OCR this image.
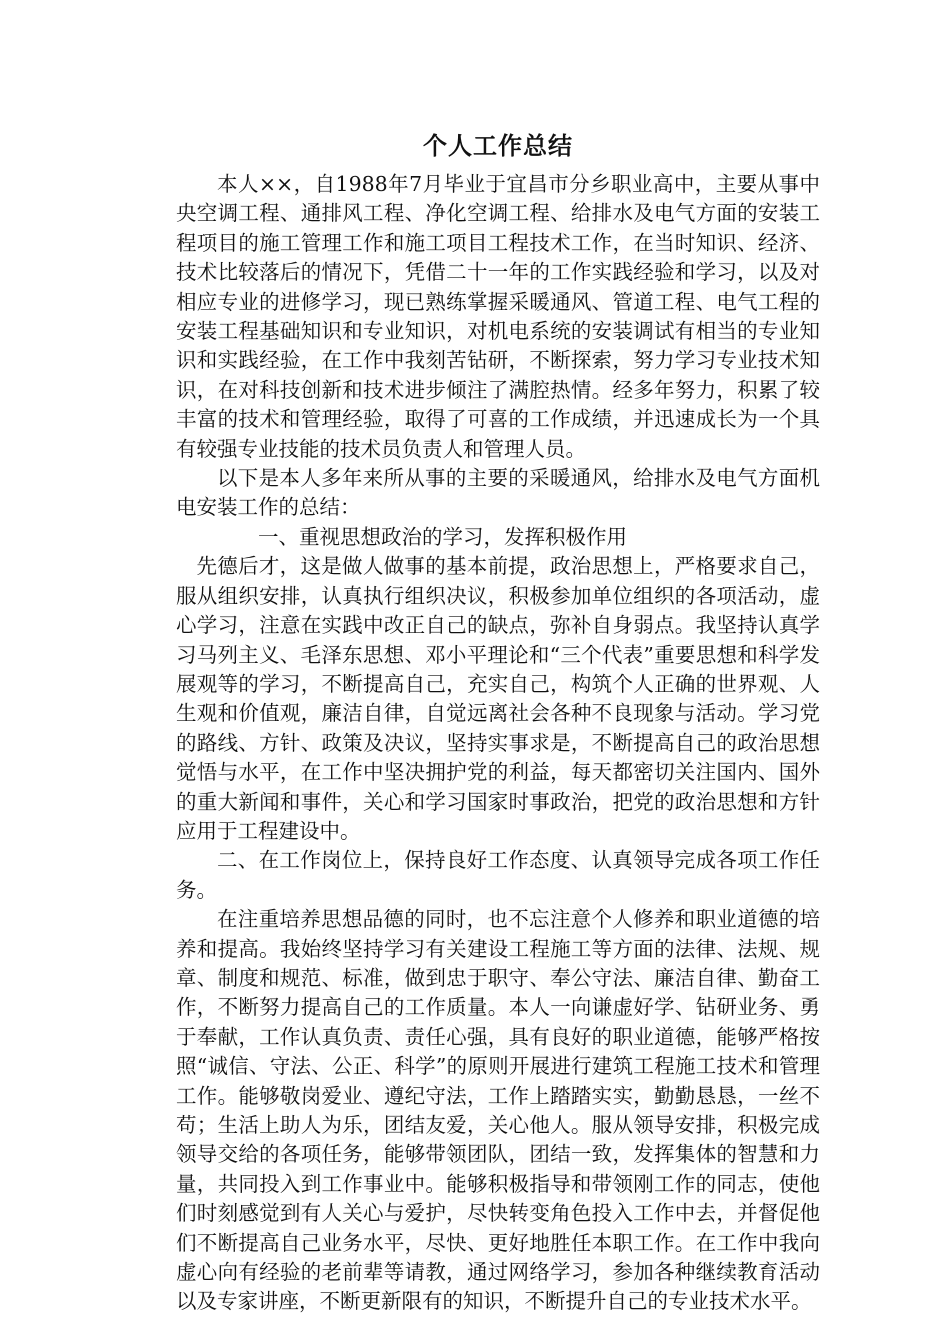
个人工作总结

本人××，自1988年7月毕业于宜昌市分乡职业高中，主要从事中央空调工程、通排风工程、净化空调工程、给排水及电气方面的安装工程项目的施工管理工作和施工项目工程技术工作，在当时知识、经济、技术比较落后的情况下，凭借二十一年的工作实践经验和学习，以及对相应专业的进修学习，现已熟练掌握采暖通风、管道工程、电气工程的安装工程基础知识和专业知识，对机电系统的安装调试有相当的专业知识和实践经验，在工作中我刻苦钻研，不断探索，努力学习专业技术知识，在对科技创新和技术进步倾注了满腔热情。经多年努力，积累了较丰富的技术和管理经验，取得了可喜的工作成绩，并迅速成长为一个具有较强专业技能的技术员负责人和管理人员。

以下是本人多年来所从事的主要的采暖通风，给排水及电气方面机电安装工作的总结：

一、重视思想政治的学习，发挥积极作用

先德后才，这是做人做事的基本前提，政治思想上，严格要求自己，服从组织安排，认真执行组织决议，积极参加单位组织的各项活动，虚心学习，注意在实践中改正自己的缺点，弥补自身弱点。我坚持认真学习马列主义、毛泽东思想、邓小平理论和“三个代表”重要思想和科学发展观等的学习，不断提高自己，充实自己，构筑个人正确的世界观、人生观和价值观，廉洁自律，自觉远离社会各种不良现象与活动。学习党的路线、方针、政策及决议，坚持实事求是，不断提高自己的政治思想觉悟与水平，在工作中坚决拥护党的利益，每天都密切关注国内、国外的重大新闻和事件，关心和学习国家时事政治，把党的政治思想和方针应用于工程建设中。

二、在工作岗位上，保持良好工作态度、认真领导完成各项工作任务。

在注重培养思想品德的同时，也不忘注意个人修养和职业道德的培养和提高。我始终坚持学习有关建设工程施工等方面的法律、法规、规章、制度和规范、标准，做到忠于职守、奉公守法、廉洁自律、勤奋工作，不断努力提高自己的工作质量。本人一向谦虚好学、钻研业务、勇于奉献，工作认真负责、责任心强，具有良好的职业道德，能够严格按照“诚信、守法、公正、科学”的原则开展进行建筑工程施工技术和管理工作。能够敬岗爱业、遵纪守法，工作上踏踏实实，勤勤恳恳，一丝不苟；生活上助人为乐，团结友爱，关心他人。服从领导安排，积极完成领导交给的各项任务，能够带领团队，团结一致，发挥集体的智慧和力量，共同投入到工作事业中。能够积极指导和带领刚工作的同志，使他们时刻感觉到有人关心与爱护，尽快转变角色投入工作中去，并督促他们不断提高自己业务水平，尽快、更好地胜任本职工作。在工作中我向虚心向有经验的老前辈等请教，通过网络学习，参加各种继续教育活动以及专家讲座，不断更新限有的知识，不断提升自己的专业技术水平。
